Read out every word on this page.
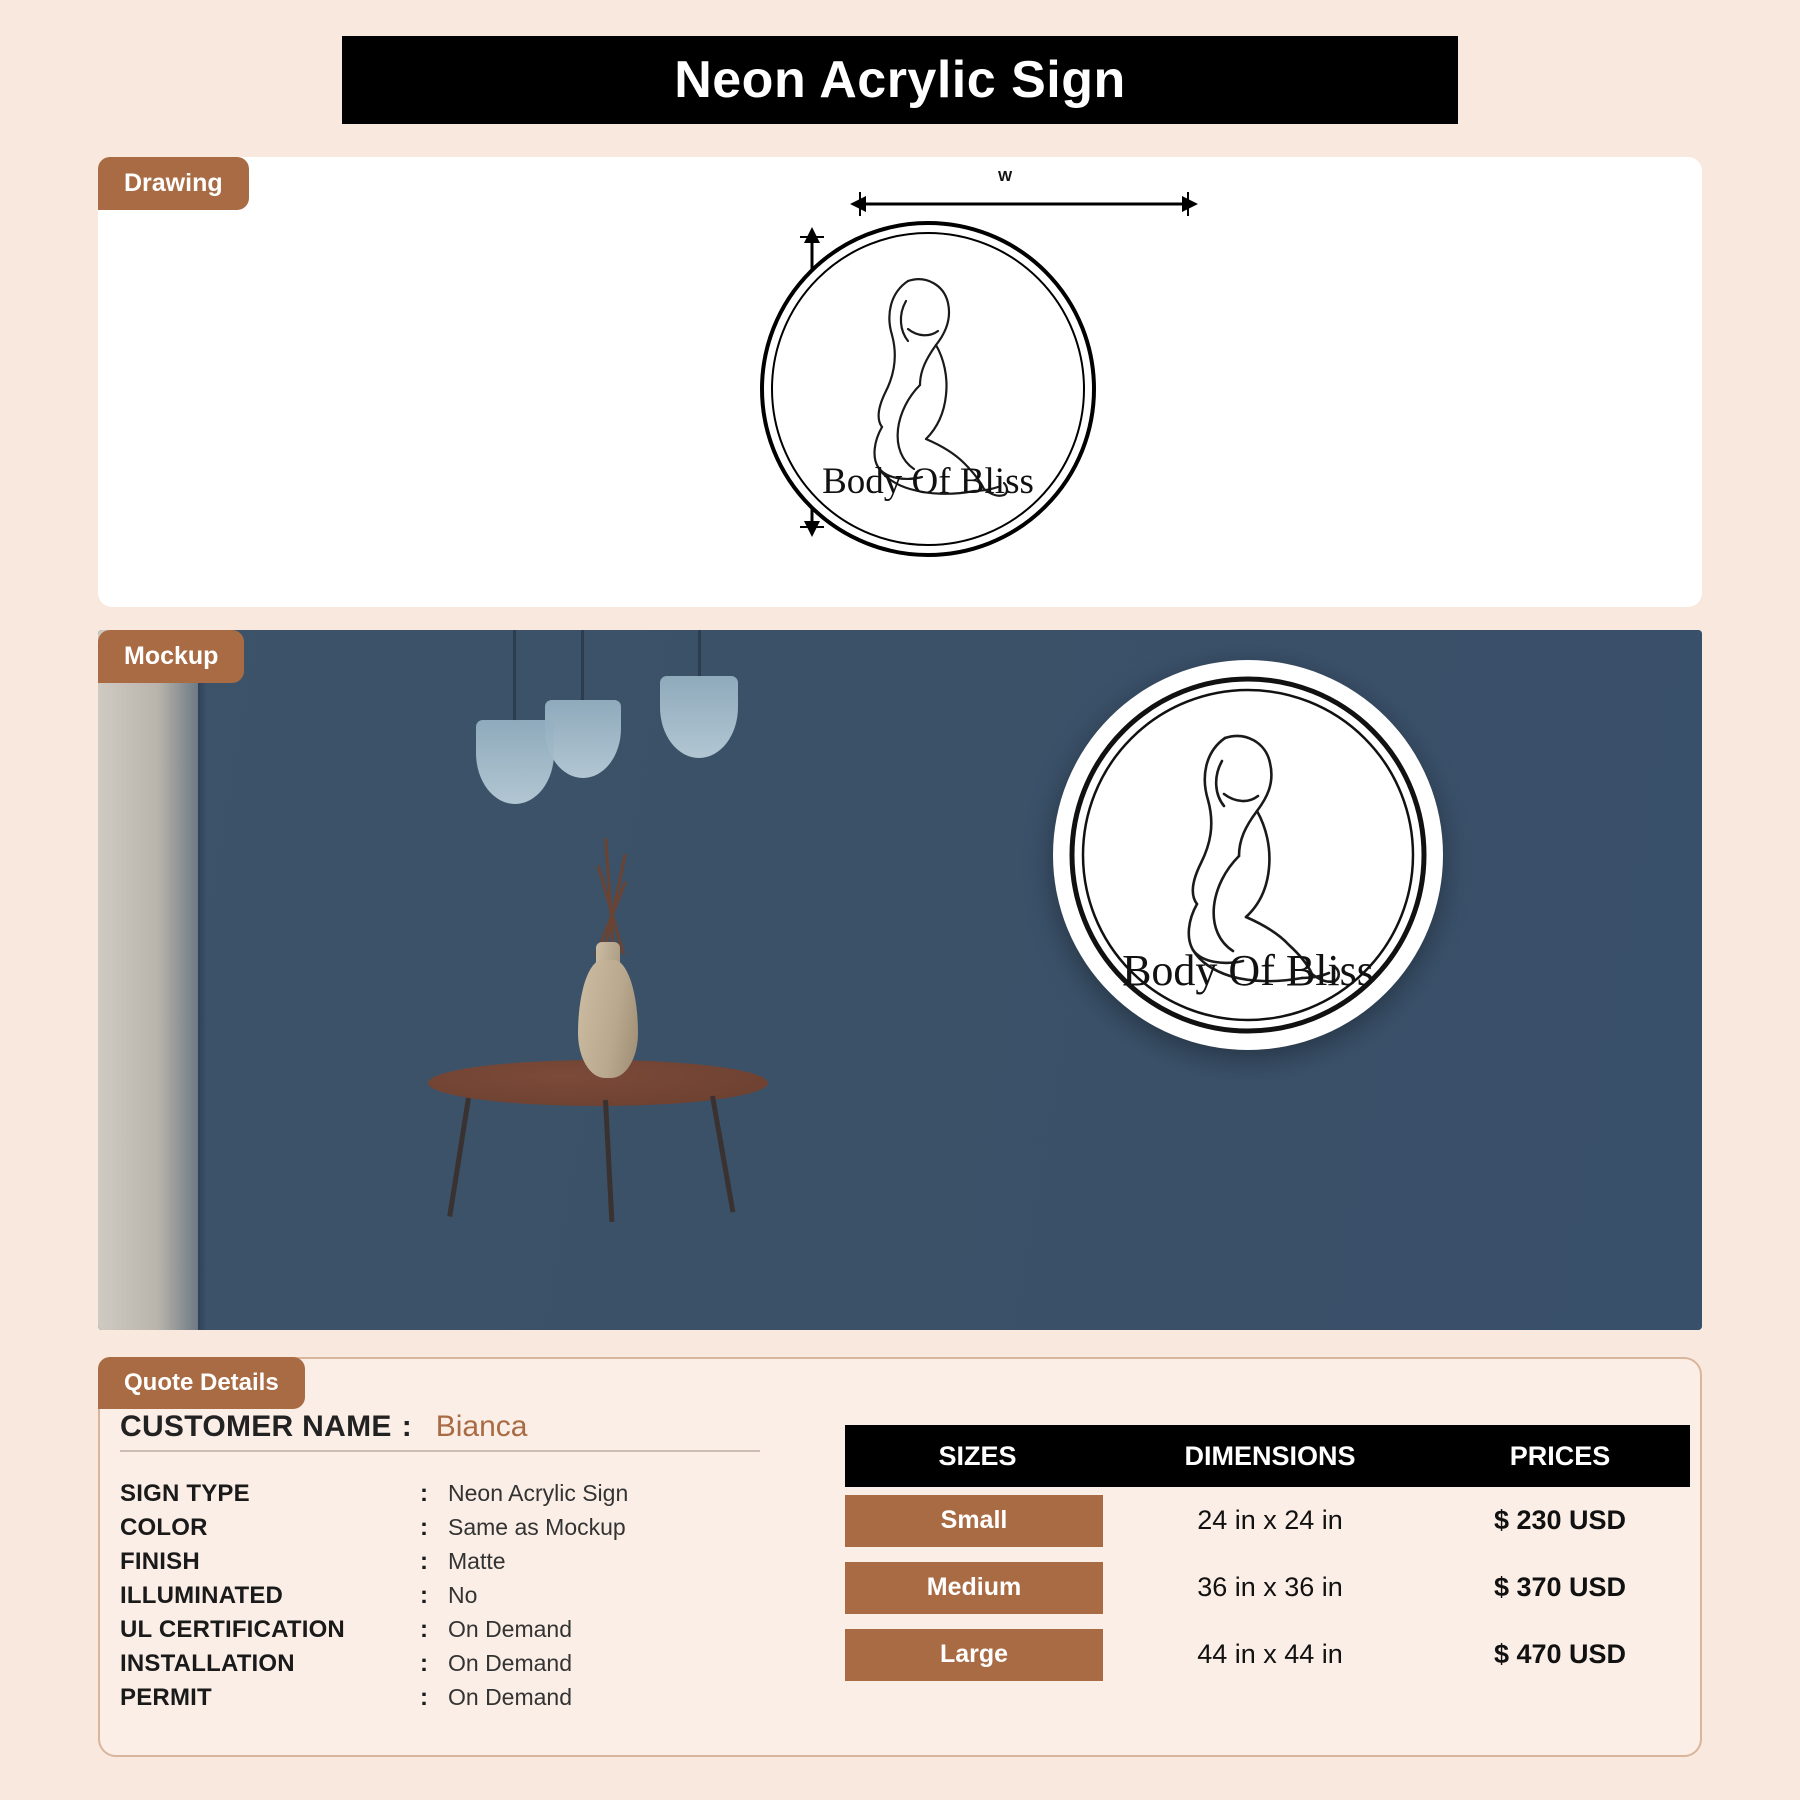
Neon Acrylic Sign
W
Body Of Bliss
Drawing
Body Of Bliss
Mockup
Quote Details
CUSTOMER NAME : Bianca
SIGN TYPE	: Neon Acrylic Sign
COLOR	: Same as Mockup
FINISH	: Matte
ILLUMINATED	: No
UL CERTIFICATION	: On Demand
INSTALLATION	: On Demand
PERMIT	: On Demand
SIZES	DIMENSIONS	PRICES
Small	24 in x 24 in	$ 230 USD
Medium	36 in x 36 in	$ 370 USD
Large	44 in x 44 in	$ 470 USD
